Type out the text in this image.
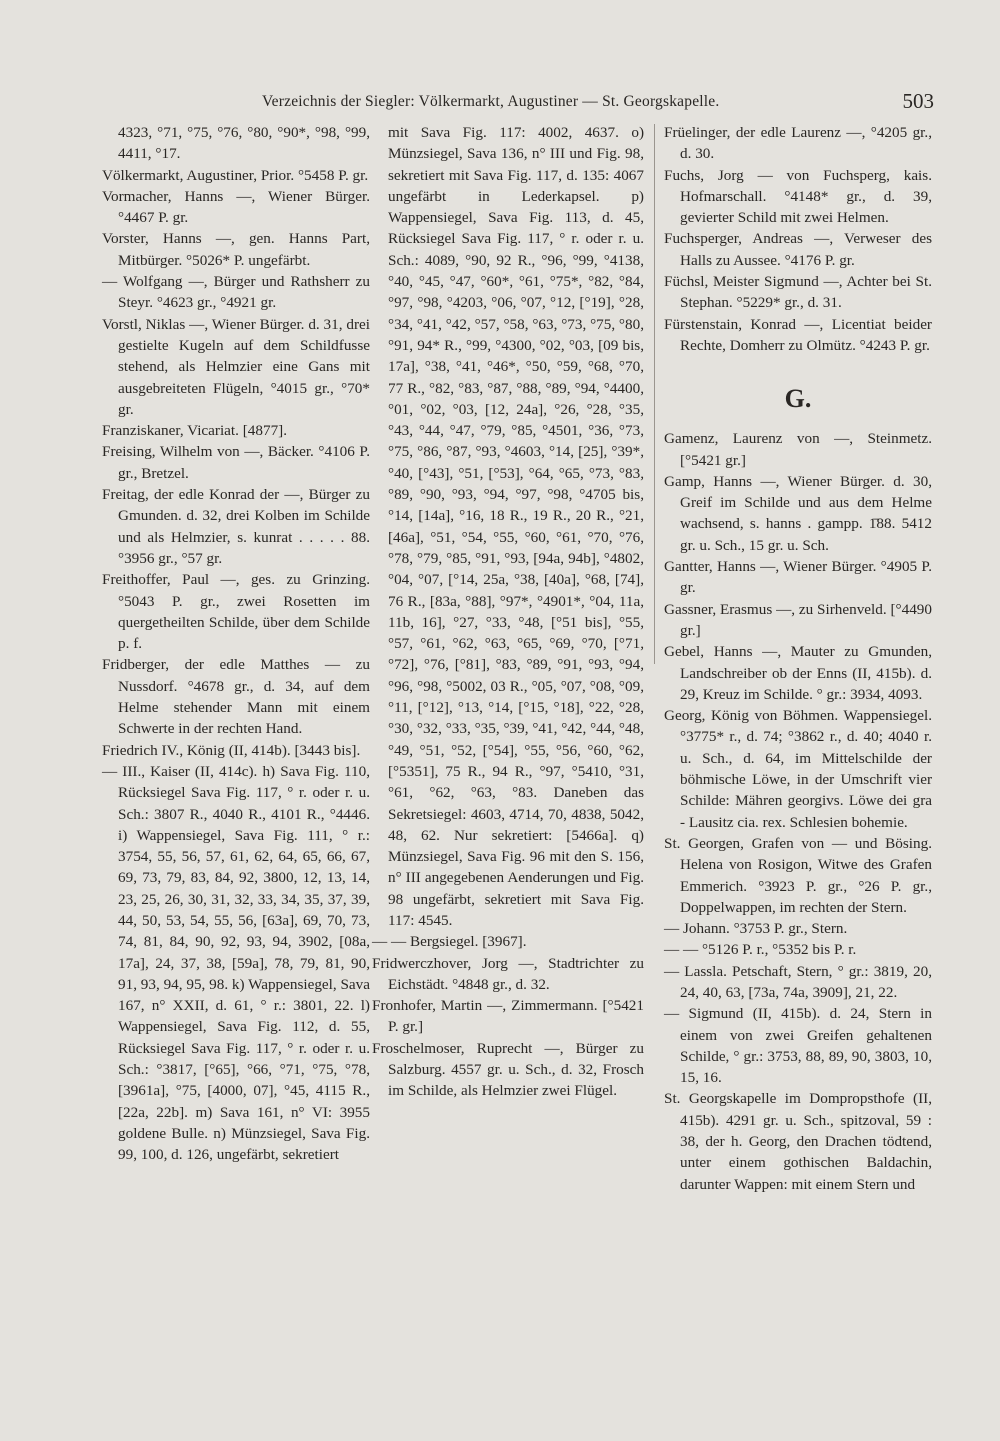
Verzeichnis der Siegler: Völkermarkt, Augustiner — St. Georgskapelle.	503

4323, °71, °75, °76, °80, °90*, °98, °99, 4411, °17.

Völkermarkt, Augustiner, Prior. °5458 P. gr.

Vormacher, Hanns —, Wiener Bürger. °4467 P. gr.

Vorster, Hanns —, gen. Hanns Part, Mitbürger. °5026* P. ungefärbt.

— Wolfgang —, Bürger und Rathsherr zu Steyr. °4623 gr., °4921 gr.

Vorstl, Niklas —, Wiener Bürger. d. 31, drei gestielte Kugeln auf dem Schildfusse stehend, als Helmzier eine Gans mit ausgebreiteten Flügeln, °4015 gr., °70* gr.

Franziskaner, Vicariat. [4877].

Freising, Wilhelm von —, Bäcker. °4106 P. gr., Bretzel.

Freitag, der edle Konrad der —, Bürger zu Gmunden. d. 32, drei Kolben im Schilde und als Helmzier, s. kunrat . . . . . 88. °3956 gr., °57 gr.

Freithoffer, Paul —, ges. zu Grinzing. °5043 P. gr., zwei Rosetten im quergetheilten Schilde, über dem Schilde p. f.

Fridberger, der edle Matthes — zu Nussdorf. °4678 gr., d. 34, auf dem Helme stehender Mann mit einem Schwerte in der rechten Hand.

Friedrich IV., König (II, 414b). [3443 bis].

— III., Kaiser (II, 414c). h) Sava Fig. 110, Rücksiegel Sava Fig. 117, ° r. oder r. u. Sch.: 3807 R., 4040 R., 4101 R., °4446. i) Wappensiegel, Sava Fig. 111, ° r.: 3754, 55, 56, 57, 61, 62, 64, 65, 66, 67, 69, 73, 79, 83, 84, 92, 3800, 12, 13, 14, 23, 25, 26, 30, 31, 32, 33, 34, 35, 37, 39, 44, 50, 53, 54, 55, 56, [63a], 69, 70, 73, 74, 81, 84, 90, 92, 93, 94, 3902, [08a, 17a], 24, 37, 38, [59a], 78, 79, 81, 90, 91, 93, 94, 95, 98. k) Wappensiegel, Sava 167, n° XXII, d. 61, ° r.: 3801, 22. l) Wappensiegel, Sava Fig. 112, d. 55, Rücksiegel Sava Fig. 117, ° r. oder r. u. Sch.: °3817, [°65], °66, °71, °75, °78, [3961a], °75, [4000, 07], °45, 4115 R., [22a, 22b]. m) Sava 161, n° VI: 3955 goldene Bulle. n) Münzsiegel, Sava Fig. 99, 100, d. 126, ungefärbt, sekretiert

mit Sava Fig. 117: 4002, 4637. o) Münzsiegel, Sava 136, n° III und Fig. 98, sekretiert mit Sava Fig. 117, d. 135: 4067 ungefärbt in Lederkapsel. p) Wappensiegel, Sava Fig. 113, d. 45, Rücksiegel Sava Fig. 117, ° r. oder r. u. Sch.: 4089, °90, 92 R., °96, °99, °4138, °40, °45, °47, °60*, °61, °75*, °82, °84, °97, °98, °4203, °06, °07, °12, [°19], °28, °34, °41, °42, °57, °58, °63, °73, °75, °80, °91, 94* R., °99, °4300, °02, °03, [09 bis, 17a], °38, °41, °46*, °50, °59, °68, °70, 77 R., °82, °83, °87, °88, °89, °94, °4400, °01, °02, °03, [12, 24a], °26, °28, °35, °43, °44, °47, °79, °85, °4501, °36, °73, °75, °86, °87, °93, °4603, °14, [25], °39*, °40, [°43], °51, [°53], °64, °65, °73, °83, °89, °90, °93, °94, °97, °98, °4705 bis, °14, [14a], °16, 18 R., 19 R., 20 R., °21, [46a], °51, °54, °55, °60, °61, °70, °76, °78, °79, °85, °91, °93, [94a, 94b], °4802, °04, °07, [°14, 25a, °38, [40a], °68, [74], 76 R., [83a, °88], °97*, °4901*, °04, 11a, 11b, 16], °27, °33, °48, [°51 bis], °55, °57, °61, °62, °63, °65, °69, °70, [°71, °72], °76, [°81], °83, °89, °91, °93, °94, °96, °98, °5002, 03 R., °05, °07, °08, °09, °11, [°12], °13, °14, [°15, °18], °22, °28, °30, °32, °33, °35, °39, °41, °42, °44, °48, °49, °51, °52, [°54], °55, °56, °60, °62, [°5351], 75 R., 94 R., °97, °5410, °31, °61, °62, °63, °83. Daneben das Sekretsiegel: 4603, 4714, 70, 4838, 5042, 48, 62. Nur sekretiert: [5466a]. q) Münzsiegel, Sava Fig. 96 mit den S. 156, n° III angegebenen Aenderungen und Fig. 98 ungefärbt, sekretiert mit Sava Fig. 117: 4545.

— — Bergsiegel. [3967].

Fridwerczhover, Jorg —, Stadtrichter zu Eichstädt. °4848 gr., d. 32.

Fronhofer, Martin —, Zimmermann. [°5421 P. gr.]

Froschelmoser, Ruprecht —, Bürger zu Salzburg. 4557 gr. u. Sch., d. 32, Frosch im Schilde, als Helmzier zwei Flügel.

Früelinger, der edle Laurenz —, °4205 gr., d. 30.

Fuchs, Jorg — von Fuchsperg, kais. Hofmarschall. °4148* gr., d. 39, gevierter Schild mit zwei Helmen.

Fuchsperger, Andreas —, Verweser des Halls zu Aussee. °4176 P. gr.

Füchsl, Meister Sigmund —, Achter bei St. Stephan. °5229* gr., d. 31.

Fürstenstain, Konrad —, Licentiat beider Rechte, Domherr zu Olmütz. °4243 P. gr.

G.

Gamenz, Laurenz von —, Steinmetz. [°5421 gr.]

Gamp, Hanns —, Wiener Bürger. d. 30, Greif im Schilde und aus dem Helme wachsend, s. hanns . gampp. 1̄88. 5412 gr. u. Sch., 15 gr. u. Sch.

Gantter, Hanns —, Wiener Bürger. °4905 P. gr.

Gassner, Erasmus —, zu Sirhenveld. [°4490 gr.]

Gebel, Hanns —, Mauter zu Gmunden, Landschreiber ob der Enns (II, 415b). d. 29, Kreuz im Schilde. ° gr.: 3934, 4093.

Georg, König von Böhmen. Wappensiegel. °3775* r., d. 74; °3862 r., d. 40; 4040 r. u. Sch., d. 64, im Mittelschilde der böhmische Löwe, in der Umschrift vier Schilde: Mähren georgivs. Löwe dei gra - Lausitz cia. rex. Schlesien bohemie.

St. Georgen, Grafen von — und Bösing. Helena von Rosigon, Witwe des Grafen Emmerich. °3923 P. gr., °26 P. gr., Doppelwappen, im rechten der Stern.

— Johann. °3753 P. gr., Stern.

— — °5126 P. r., °5352 bis P. r.

— Lassla. Petschaft, Stern, ° gr.: 3819, 20, 24, 40, 63, [73a, 74a, 3909], 21, 22.

— Sigmund (II, 415b). d. 24, Stern in einem von zwei Greifen gehaltenen Schilde, ° gr.: 3753, 88, 89, 90, 3803, 10, 15, 16.

St. Georgskapelle im Dompropsthofe (II, 415b). 4291 gr. u. Sch., spitzoval, 59 : 38, der h. Georg, den Drachen tödtend, unter einem gothischen Baldachin, darunter Wappen: mit einem Stern und
